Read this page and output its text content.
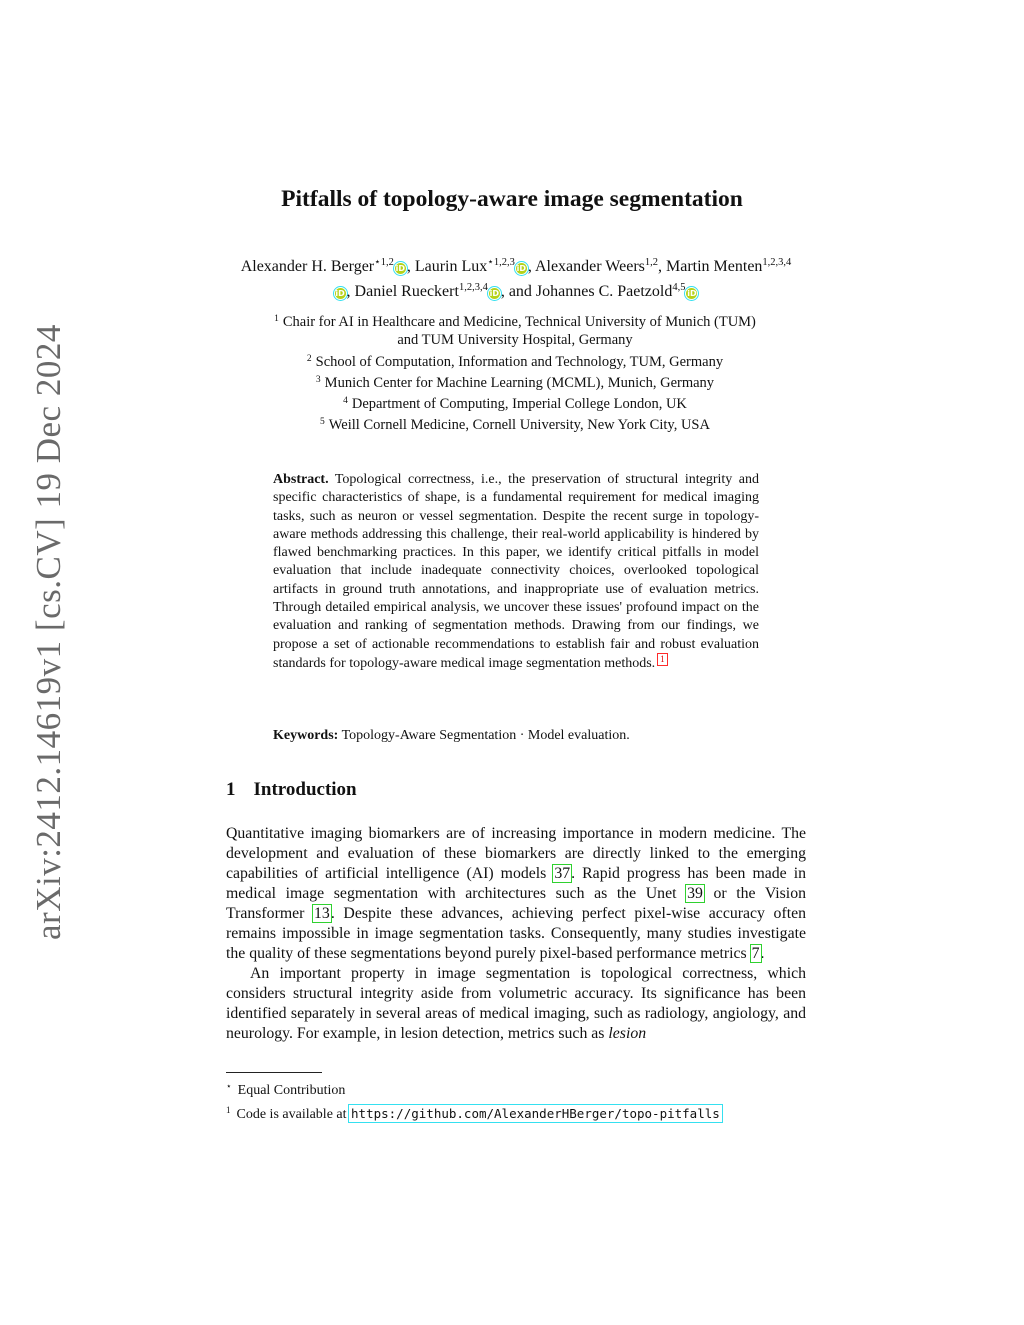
arXiv:2412.14619v1 [cs.CV] 19 Dec 2024
Pitfalls of topology-aware image segmentation
Alexander H. Berger$^{⋆1,2}$iD , Laurin Lux$^{⋆1,2,3}$iD , Alexander Weers$^{1,2}$, Martin Menten$^{1,2,3,4}$ iD , Daniel Rueckert$^{1,2,3,4}$iD , and Johannes C. Paetzold$^{4,5}$iD
$^1$ Chair for AI in Healthcare and Medicine, Technical University of Munich (TUM)
and TUM University Hospital, Germany
$^2$ School of Computation, Information and Technology, TUM, Germany
$^3$ Munich Center for Machine Learning (MCML), Munich, Germany
$^4$ Department of Computing, Imperial College London, UK
$^5$ Weill Cornell Medicine, Cornell University, New York City, USA
Abstract. Topological correctness, i.e., the preservation of structural integrity and specific characteristics of shape, is a fundamental requirement for medical imaging tasks, such as neuron or vessel segmentation. Despite the recent surge in topology-aware methods addressing this challenge, their real-world applicability is hindered by flawed benchmarking practices. In this paper, we identify critical pitfalls in model evaluation that include inadequate connectivity choices, overlooked topological artifacts in ground truth annotations, and inappropriate use of evaluation metrics. Through detailed empirical analysis, we uncover these issues' profound impact on the evaluation and ranking of segmentation methods. Drawing from our findings, we propose a set of actionable recommendations to establish fair and robust evaluation standards for topology-aware medical image segmentation methods. 1
Keywords: Topology-Aware Segmentation · Model evaluation.
1 Introduction

Quantitative imaging biomarkers are of increasing importance in modern medicine. The development and evaluation of these biomarkers are directly linked to the emerging capabilities of artificial intelligence (AI) models 37. Rapid progress has been made in medical image segmentation with architectures such as the Unet 39 or the Vision Transformer 13. Despite these advances, achieving perfect pixel-wise accuracy often remains impossible in image segmentation tasks. Consequently, many studies investigate the quality of these segmentations beyond purely pixel-based performance metrics 7.

An important property in image segmentation is topological correctness, which considers structural integrity aside from volumetric accuracy. Its significance has been identified separately in several areas of medical imaging, such as radiology, angiology, and neurology. For example, in lesion detection, metrics such as lesion

⋆ Equal Contribution
$^1$ Code is available at https://github.com/AlexanderHBerger/topo-pitfalls
